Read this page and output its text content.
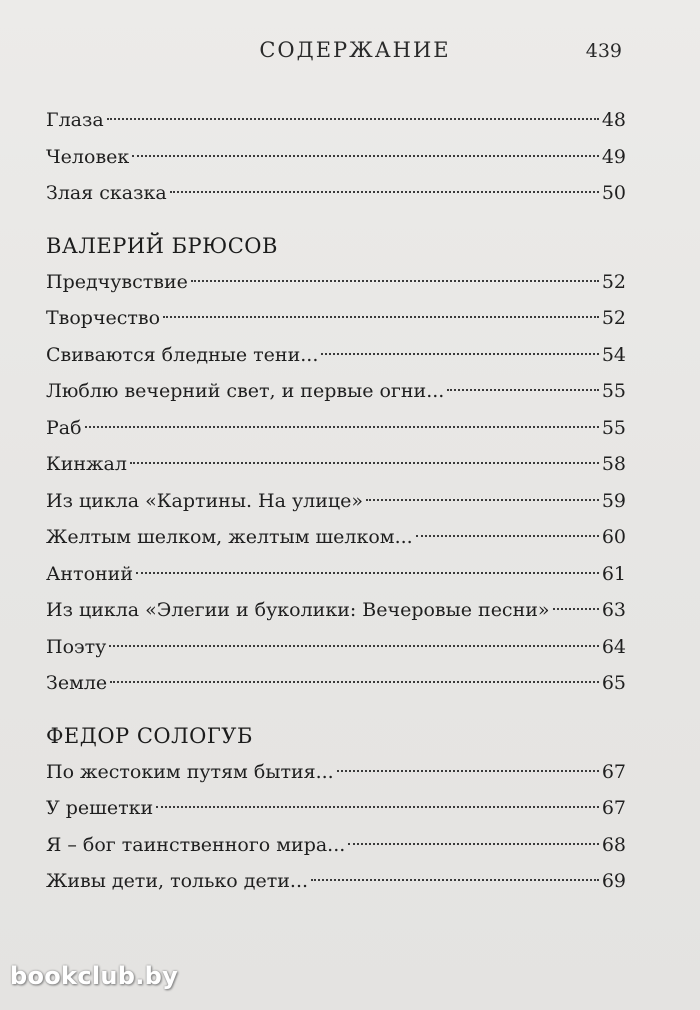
СОДЕРЖАНИЕ	439
Глаза	48
Человек	49
Злая сказка	50
ВАЛЕРИЙ БРЮСОВ
Предчувствие	52
Творчество	52
Свиваются бледные тени...	54
Люблю вечерний свет, и первые огни...	55
Раб	55
Кинжал	58
Из цикла «Картины. На улице»	59
Желтым шелком, желтым шелком...	60
Антоний	61
Из цикла «Элегии и буколики: Вечеровые песни»	63
Поэту	64
Земле	65
ФЕДОР СОЛОГУБ
По жестоким путям бытия...	67
У решетки	67
Я – бог таинственного мира...	68
Живы дети, только дети...	69
bookclub.by
